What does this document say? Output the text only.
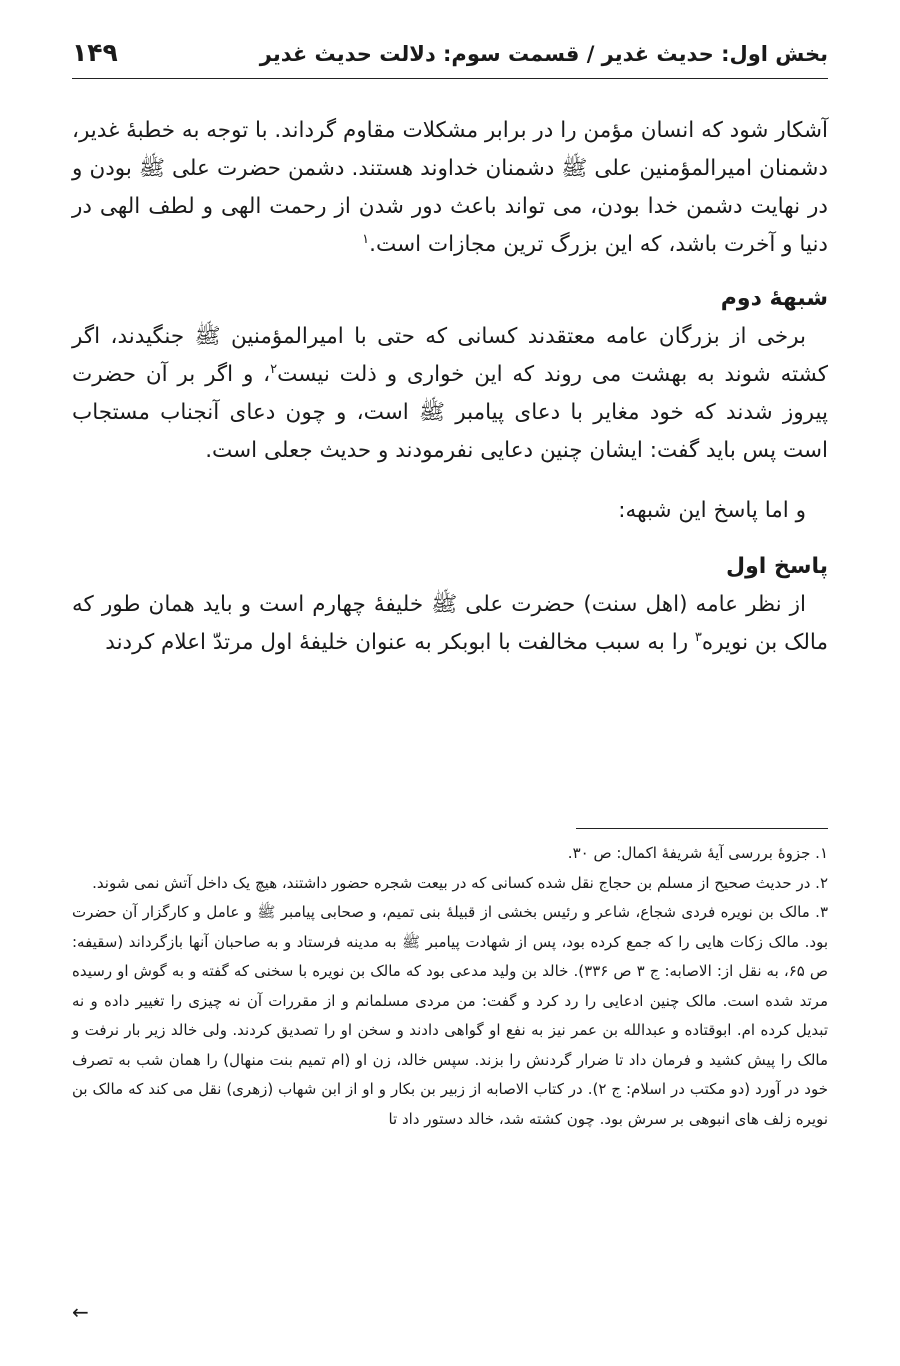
بخش اول: حدیث غدیر / قسمت سوم: دلالت حدیث غدیر
۱۴۹

آشکار شود که انسان مؤمن را در برابر مشکلات مقاوم گرداند. با توجه به خطبۀ غدیر، دشمنان امیرالمؤمنین علی ﷺ دشمنان خداوند هستند. دشمن حضرت علی ﷺ بودن و در نهایت دشمن خدا بودن، می تواند باعث دور شدن از رحمت الهی و لطف الهی در دنیا و آخرت باشد، که این بزرگ ترین مجازات است.$^۱$

شبهۀ دوم

برخی از بزرگان عامه معتقدند کسانی که حتی با امیرالمؤمنین ﷺ جنگیدند، اگر کشته شوند به بهشت می روند که این خواری و ذلت نیست$^۲$، و اگر بر آن حضرت پیروز شدند که خود مغایر با دعای پیامبر ﷺ است، و چون دعای آنجناب مستجاب است پس باید گفت: ایشان چنین دعایی نفرمودند و حدیث جعلی است.

و اما پاسخ این شبهه:

پاسخ اول

از نظر عامه (اهل سنت) حضرت علی ﷺ خلیفۀ چهارم است و باید همان طور که مالک بن نویره$^۳$ را به سبب مخالفت با ابوبکر به عنوان خلیفۀ اول مرتدّ اعلام کردند

۱. جزوۀ بررسی آیۀ شریفۀ اکمال: ص ۳۰.

۲. در حدیث صحیح از مسلم بن حجاج نقل شده کسانی که در بیعت شجره حضور داشتند، هیچ یک داخل آتش نمی شوند.

۳. مالک بن نویره فردی شجاع، شاعر و رئیس بخشی از قبیلۀ بنی تمیم، و صحابی پیامبر ﷺ و عامل و کارگزار آن حضرت بود. مالک زکات هایی را که جمع کرده بود، پس از شهادت پیامبر ﷺ به مدینه فرستاد و به صاحبان آنها بازگرداند (سقیفه: ص ۶۵، به نقل از: الاصابه: ج ۳ ص ۳۳۶). خالد بن ولید مدعی بود که مالک بن نویره با سخنی که گفته و به گوش او رسیده مرتد شده است. مالک چنین ادعایی را رد کرد و گفت: من مردی مسلمانم و از مقررات آن نه چیزی را تغییر داده و نه تبدیل کرده ام. ابوقتاده و عبدالله بن عمر نیز به نفع او گواهی دادند و سخن او را تصدیق کردند. ولی خالد زیر بار نرفت و مالک را پیش کشید و فرمان داد تا ضرار گردنش را بزند. سپس خالد، زن او (ام تمیم بنت منهال) را همان شب به تصرف خود در آورد (دو مکتب در اسلام: ج ۲). در کتاب الاصابه از زبیر بن بکار و او از ابن شهاب (زهری) نقل می کند که مالک بن نویره زلف های انبوهی بر سرش بود. چون کشته شد، خالد دستور داد تا

←
